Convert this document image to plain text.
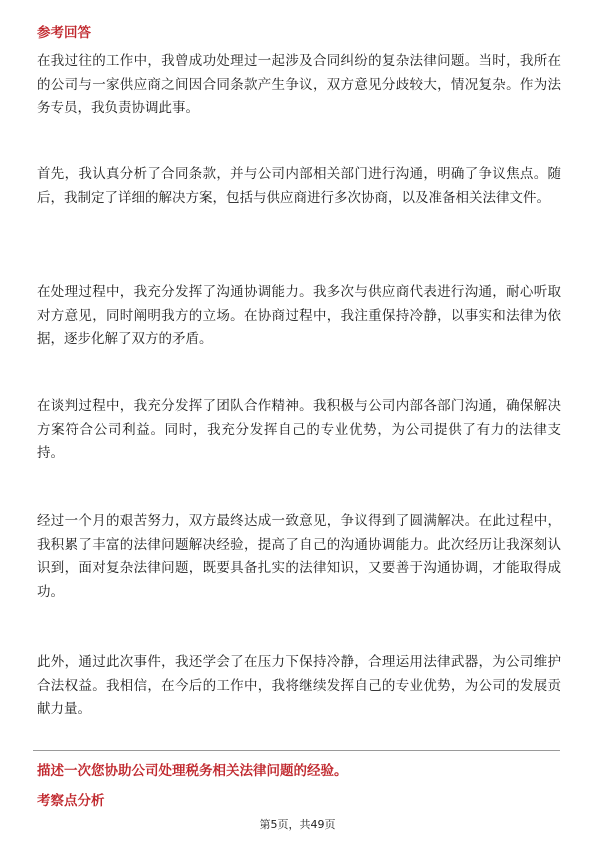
参考回答
在我过往的工作中，我曾成功处理过一起涉及合同纠纷的复杂法律问题。当时，我所在的公司与一家供应商之间因合同条款产生争议，双方意见分歧较大，情况复杂。作为法务专员，我负责协调此事。
首先，我认真分析了合同条款，并与公司内部相关部门进行沟通，明确了争议焦点。随后，我制定了详细的解决方案，包括与供应商进行多次协商，以及准备相关法律文件。
在处理过程中，我充分发挥了沟通协调能力。我多次与供应商代表进行沟通，耐心听取对方意见，同时阐明我方的立场。在协商过程中，我注重保持冷静，以事实和法律为依据，逐步化解了双方的矛盾。
在谈判过程中，我充分发挥了团队合作精神。我积极与公司内部各部门沟通，确保解决方案符合公司利益。同时，我充分发挥自己的专业优势，为公司提供了有力的法律支持。
经过一个月的艰苦努力，双方最终达成一致意见，争议得到了圆满解决。在此过程中，我积累了丰富的法律问题解决经验，提高了自己的沟通协调能力。此次经历让我深刻认识到，面对复杂法律问题，既要具备扎实的法律知识，又要善于沟通协调，才能取得成功。
此外，通过此次事件，我还学会了在压力下保持冷静，合理运用法律武器，为公司维护合法权益。我相信，在今后的工作中，我将继续发挥自己的专业优势，为公司的发展贡献力量。
描述一次您协助公司处理税务相关法律问题的经验。
考察点分析
第5页，共49页
